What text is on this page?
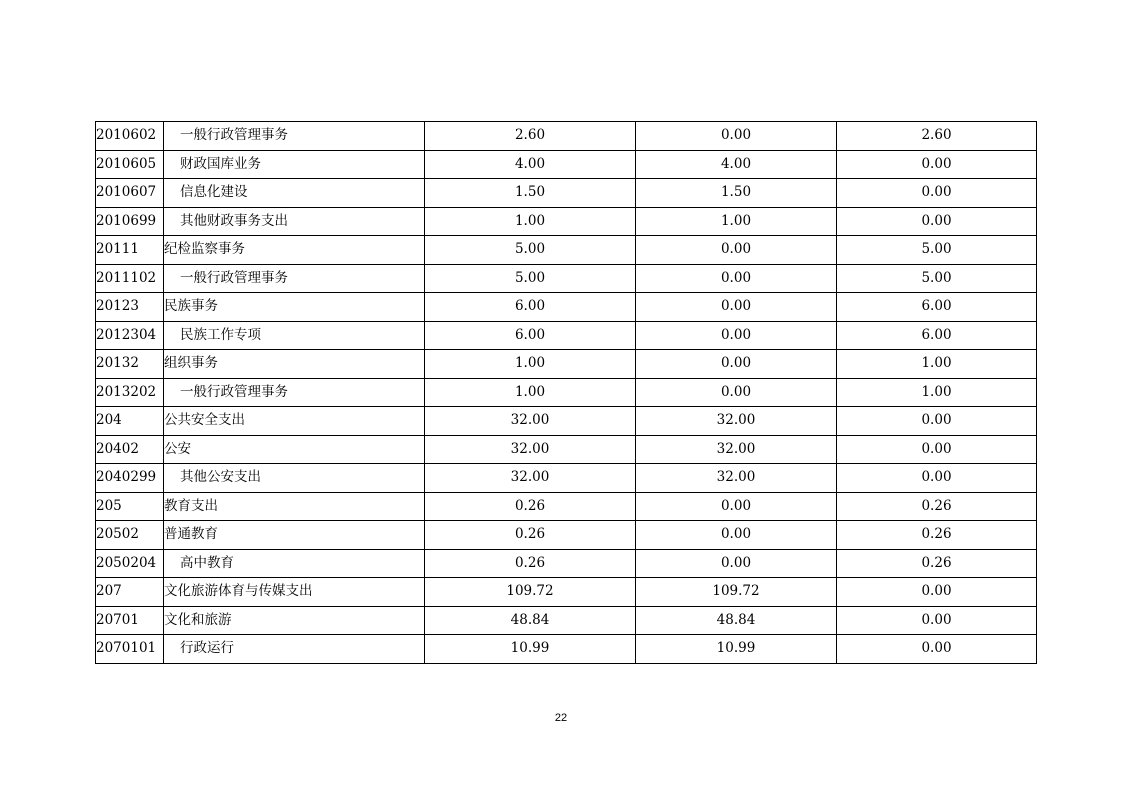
2010602	一般行政管理事务	2.60	0.00	2.60
2010605	财政国库业务	4.00	4.00	0.00
2010607	信息化建设	1.50	1.50	0.00
2010699	其他财政事务支出	1.00	1.00	0.00
20111	纪检监察事务	5.00	0.00	5.00
2011102	一般行政管理事务	5.00	0.00	5.00
20123	民族事务	6.00	0.00	6.00
2012304	民族工作专项	6.00	0.00	6.00
20132	组织事务	1.00	0.00	1.00
2013202	一般行政管理事务	1.00	0.00	1.00
204	公共安全支出	32.00	32.00	0.00
20402	公安	32.00	32.00	0.00
2040299	其他公安支出	32.00	32.00	0.00
205	教育支出	0.26	0.00	0.26
20502	普通教育	0.26	0.00	0.26
2050204	高中教育	0.26	0.00	0.26
207	文化旅游体育与传媒支出	109.72	109.72	0.00
20701	文化和旅游	48.84	48.84	0.00
2070101	行政运行	10.99	10.99	0.00
22
